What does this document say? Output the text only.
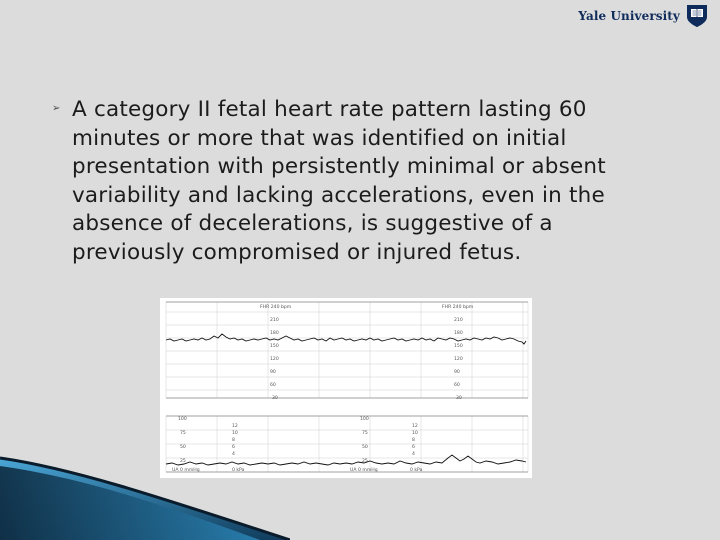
Yale University
➢ A category II fetal heart rate pattern lasting 60 minutes or more that was identified on initial presentation with persistently minimal or absent variability and lacking accelerations, even in the absence of decelerations, is suggestive of a previously compromised or injured fetus.

FHR 240 bpm	FHR 240 bpm
210
180
150
120
90
60
30
210
180
150
120
90
60
30
100
75
50
25
12
10
8
6
4
100
75
50
25
12
10
8
6
4
UA 0 mmHg	0 kPa	UA 0 mmHg	0 kPa
